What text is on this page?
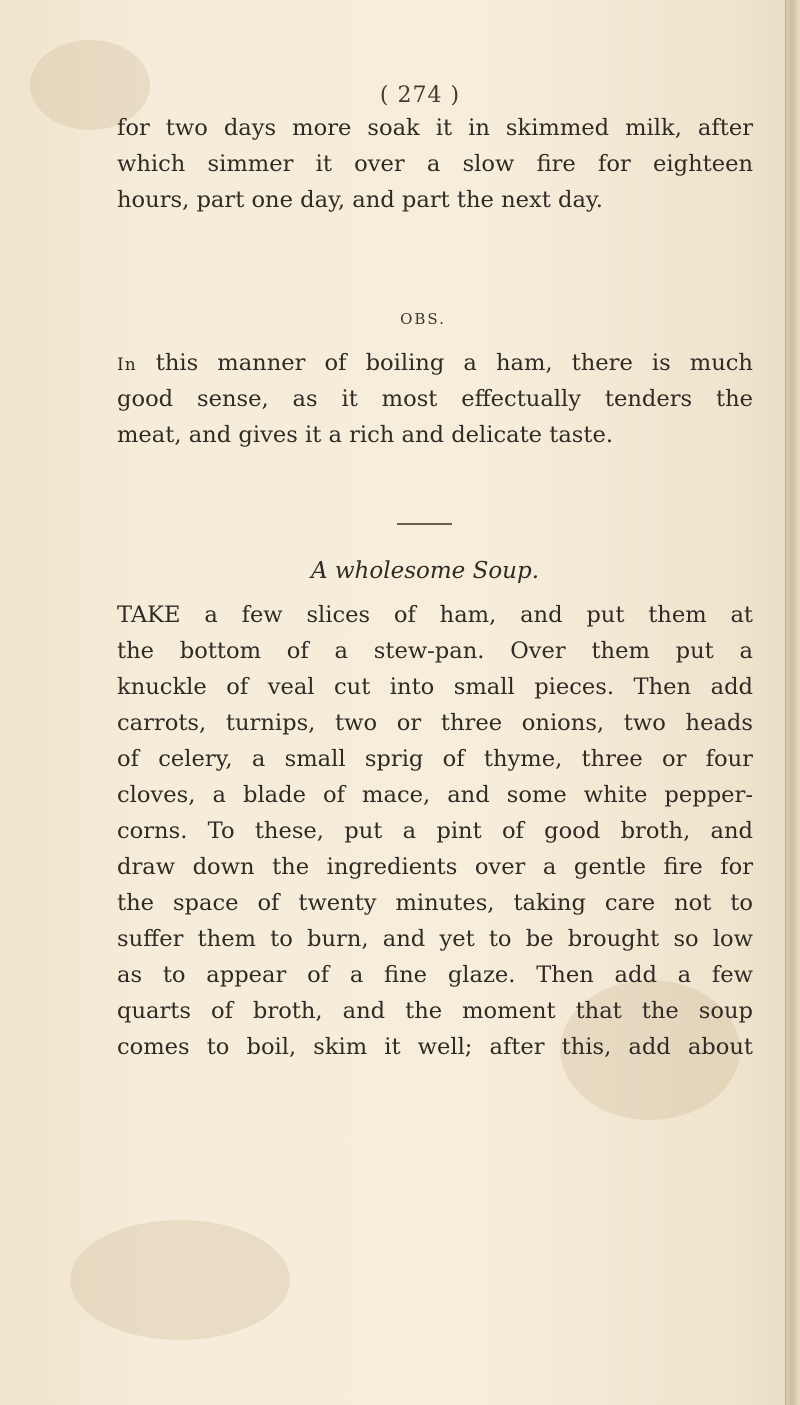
( 274 )
for two days more soak it in skimmed milk, after
which simmer it over a slow fire for eighteen
hours, part one day, and part the next day.
OBS.
In this manner of boiling a ham, there is much
good sense, as it most effectually tenders the
meat, and gives it a rich and delicate taste.
A wholesome Soup.
TAKE a few slices of ham, and put them at
the bottom of a stew-pan. Over them put a
knuckle of veal cut into small pieces. Then add
carrots, turnips, two or three onions, two heads
of celery, a small sprig of thyme, three or four
cloves, a blade of mace, and some white pepper-
corns. To these, put a pint of good broth, and
draw down the ingredients over a gentle fire for
the space of twenty minutes, taking care not to
suffer them to burn, and yet to be brought so low
as to appear of a fine glaze. Then add a few
quarts of broth, and the moment that the soup
comes to boil, skim it well; after this, add about
